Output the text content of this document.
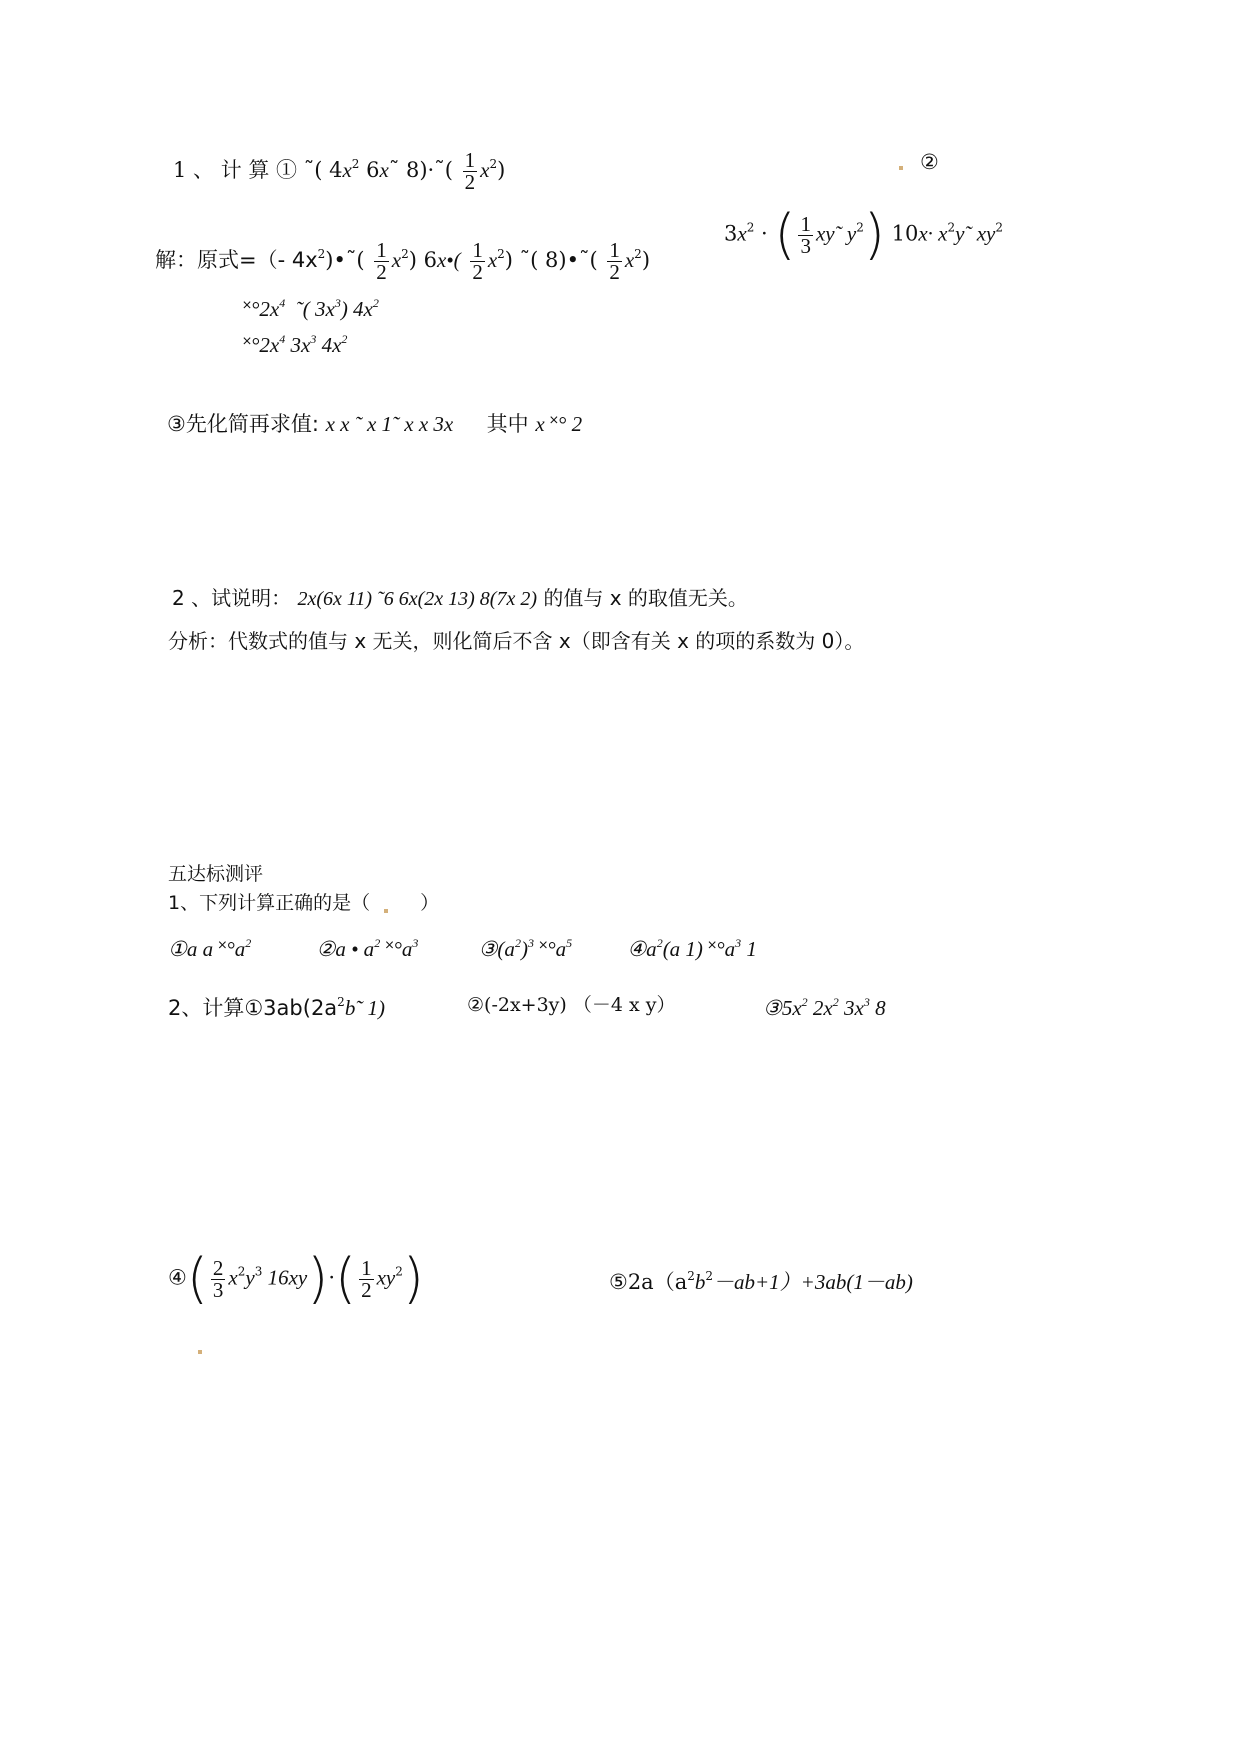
1 、 计 算 ① ˜( $4x^2$ 6x˜ 8)·˜( $\frac{1}{2} x^2$)	②
$3x^2$ · ( $\frac{1}{3}$ xy˜ $y^2$) $10x\cdot x^2y˜$ $xy^2$
解：原式=（- $4x^2)•˜( \frac{1}{2} x^2)$ 6x•( $\frac{1}{2} x^2$) ˜( 8)•˜( $\frac{1}{2} x^2$)
$˟^\circ 2x^4$ ˜( $3x^3$) $4x^2$
$˟^\circ 2x^4$ $3x^3$ $4x^2$
③先化简再求值: x x ˜ x 1˜ x x 3x 其中 x ˟° 2
2 、试说明： 2x(6x 11) ˜6 6x(2x 13) 8(7x 2) 的值与 x 的取值无关。
分析：代数式的值与 x 无关，则化简后不含 x（即含有关 x 的项的系数为 0）。
五达标测评
1、下列计算正确的是（	）
①a a $˟^\circ a^2$	②a • $a^2$ $˟^\circ a^3$	$③(a^2)^3$ $˟^\circ a^5$	$④a^2(a$ 1) $˟^\circ a^3$ 1
2、计算$①3ab(2a^2b˜$ 1)	②(-2x+3y) （－4 x y）	$③5x^2$ $2x^2$ $3x^3$ 8
④( $\frac{2}{3} x^2y^3$ $16xy)\cdot( \frac{1}{2} xy^2)$	$⑤2a(a^2b^2-ab+1)+3ab(1-ab)$
